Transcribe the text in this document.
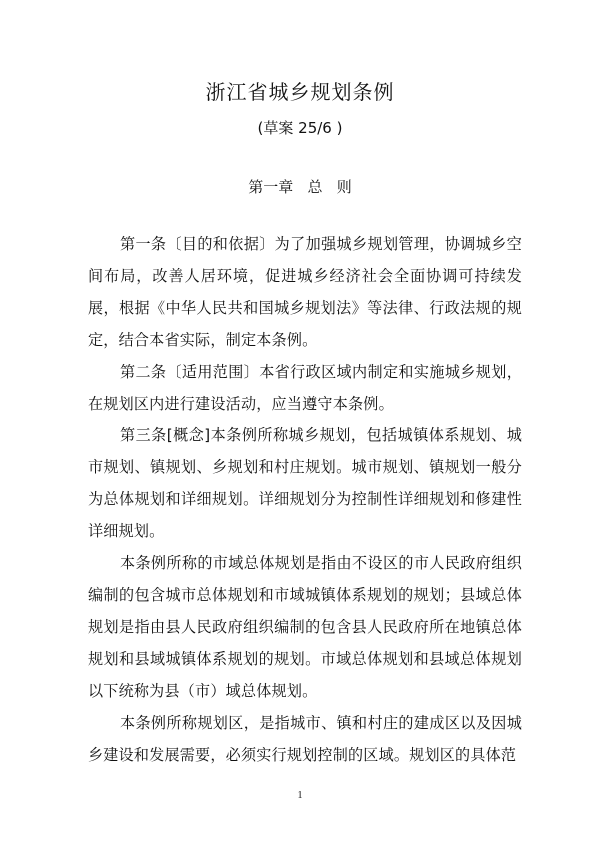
浙江省城乡规划条例
(草案 25/6 )
第一章   总   则

第一条〔目的和依据〕为了加强城乡规划管理，协调城乡空间布局，改善人居环境，促进城乡经济社会全面协调可持续发展，根据《中华人民共和国城乡规划法》等法律、行政法规的规定，结合本省实际，制定本条例。

第二条〔适用范围〕本省行政区域内制定和实施城乡规划，在规划区内进行建设活动，应当遵守本条例。

第三条[概念]本条例所称城乡规划，包括城镇体系规划、城市规划、镇规划、乡规划和村庄规划。城市规划、镇规划一般分为总体规划和详细规划。详细规划分为控制性详细规划和修建性详细规划。

本条例所称的市域总体规划是指由不设区的市人民政府组织编制的包含城市总体规划和市域城镇体系规划的规划；县域总体规划是指由县人民政府组织编制的包含县人民政府所在地镇总体规划和县域城镇体系规划的规划。市域总体规划和县域总体规划以下统称为县（市）域总体规划。

本条例所称规划区，是指城市、镇和村庄的建成区以及因城乡建设和发展需要，必须实行规划控制的区域。规划区的具体范

1
